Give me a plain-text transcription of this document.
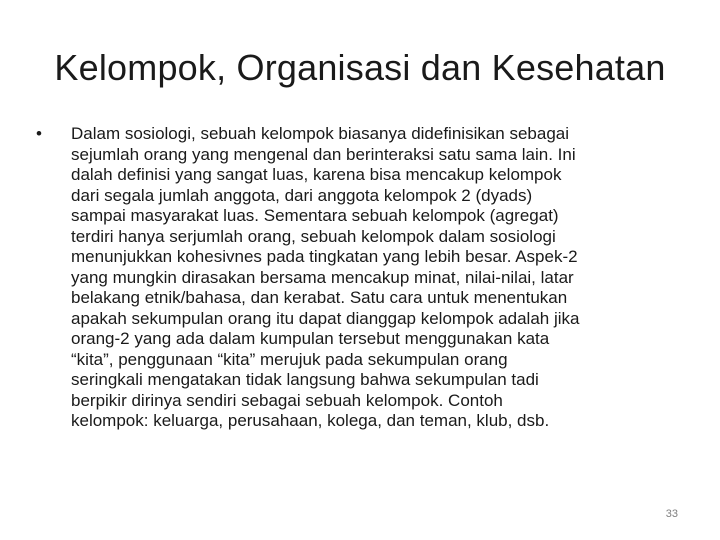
Kelompok, Organisasi dan Kesehatan
•	Dalam sosiologi, sebuah kelompok biasanya didefinisikan sebagai
sejumlah orang yang mengenal dan berinteraksi satu sama lain. Ini
dalah definisi yang sangat luas, karena bisa mencakup kelompok
dari segala jumlah anggota, dari anggota kelompok 2 (dyads)
sampai masyarakat luas. Sementara sebuah kelompok (agregat)
terdiri hanya serjumlah orang, sebuah kelompok dalam sosiologi
menunjukkan kohesivnes pada tingkatan yang lebih besar. Aspek-2
yang mungkin dirasakan bersama mencakup minat, nilai-nilai, latar
belakang etnik/bahasa, dan kerabat. Satu cara untuk menentukan
apakah sekumpulan orang itu dapat dianggap kelompok adalah jika
orang-2 yang ada dalam kumpulan tersebut menggunakan kata
“kita”, penggunaan “kita” merujuk pada sekumpulan orang
seringkali mengatakan tidak langsung bahwa sekumpulan tadi
berpikir dirinya sendiri sebagai sebuah kelompok. Contoh
kelompok: keluarga, perusahaan, kolega, dan teman, klub, dsb.
33
